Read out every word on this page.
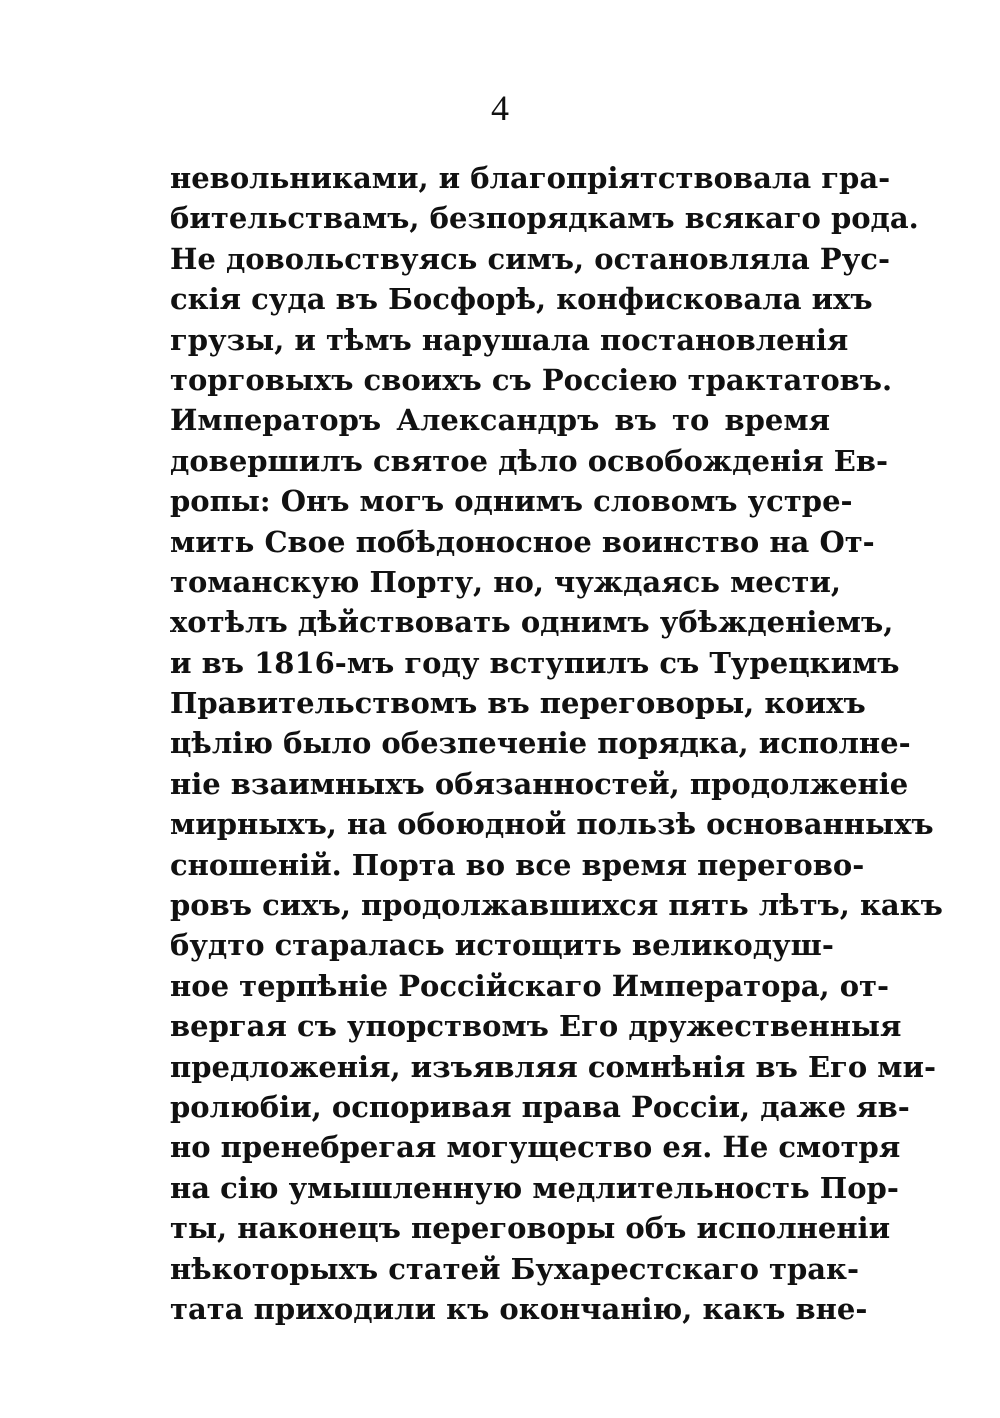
4
невольниками, и благопріятствовала гра-
бительствамъ, безпорядкамъ всякаго рода.
Не довольствуясь симъ, остановляла Рус-
скія суда въ Босфорѣ, конфисковала ихъ
грузы, и тѣмъ нарушала постановленія
торговыхъ своихъ съ Россiею трактатовъ.
Императоръ Александръ въ то время
довершилъ святое дѣло освобожденія Ев-
ропы: Онъ могъ однимъ словомъ устре-
мить Свое побѣдоносное воинство на От-
томанскую Порту, но, чуждаясь мести,
хотѣлъ дѣйствовать однимъ убѣжденіемъ,
и въ 1816-мъ году вступилъ съ Турецкимъ
Правительствомъ въ переговоры, коихъ
цѣлію было обезпеченіе порядка, исполне-
ніе взаимныхъ обязанностей, продолженіе
мирныхъ, на обоюдной пользѣ основанныхъ
сношеній. Порта во все время перегово-
ровъ сихъ, продолжавшихся пять лѣтъ, какъ
будто старалась истощить великодуш-
ное терпѣніе Россійскаго Императора, от-
вергая съ упорствомъ Его дружественныя
предложенія, изъявляя сомнѣнія въ Его ми-
ролюбіи, оспоривая права Россіи, даже яв-
но пренебрегая могущество ея. Не смотря
на сію умышленную медлительность Пор-
ты, наконецъ переговоры объ исполненіи
нѣкоторыхъ статей Бухарестскаго трак-
тата приходили къ окончанію, какъ вне-
